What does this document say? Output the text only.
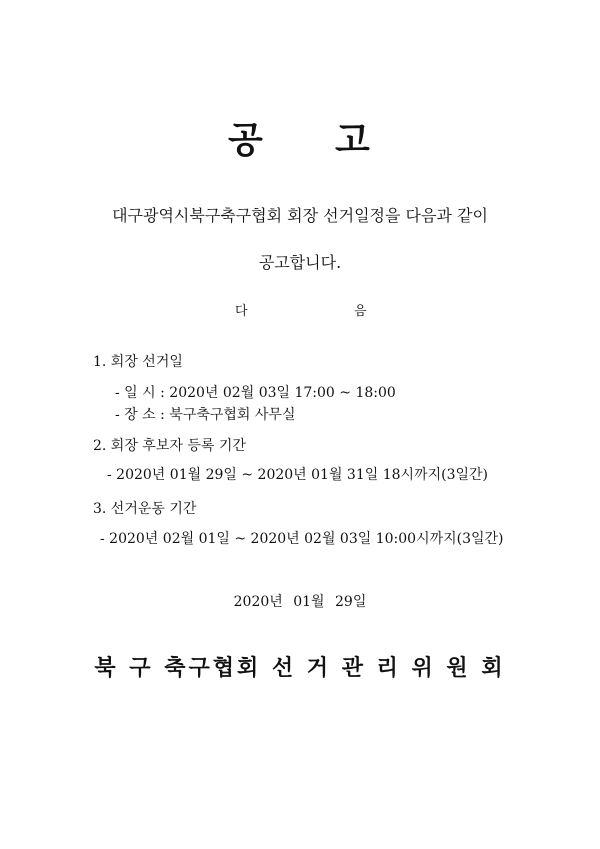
공 고
대구광역시북구축구협회 회장 선거일정을 다음과 같이
공고합니다.
다	음
1. 회장 선거일
- 일 시 : 2020년 02월 03일 17:00 ~ 18:00
- 장 소 : 북구축구협회 사무실
2. 회장 후보자 등록 기간
- 2020년 01월 29일 ~ 2020년 01월 31일 18시까지(3일간)
3. 선거운동 기간
- 2020년 02월 01일 ~ 2020년 02월 03일 10:00시까지(3일간)
2020년 01월 29일
북 구 축구협회 선 거 관 리 위 원 회
